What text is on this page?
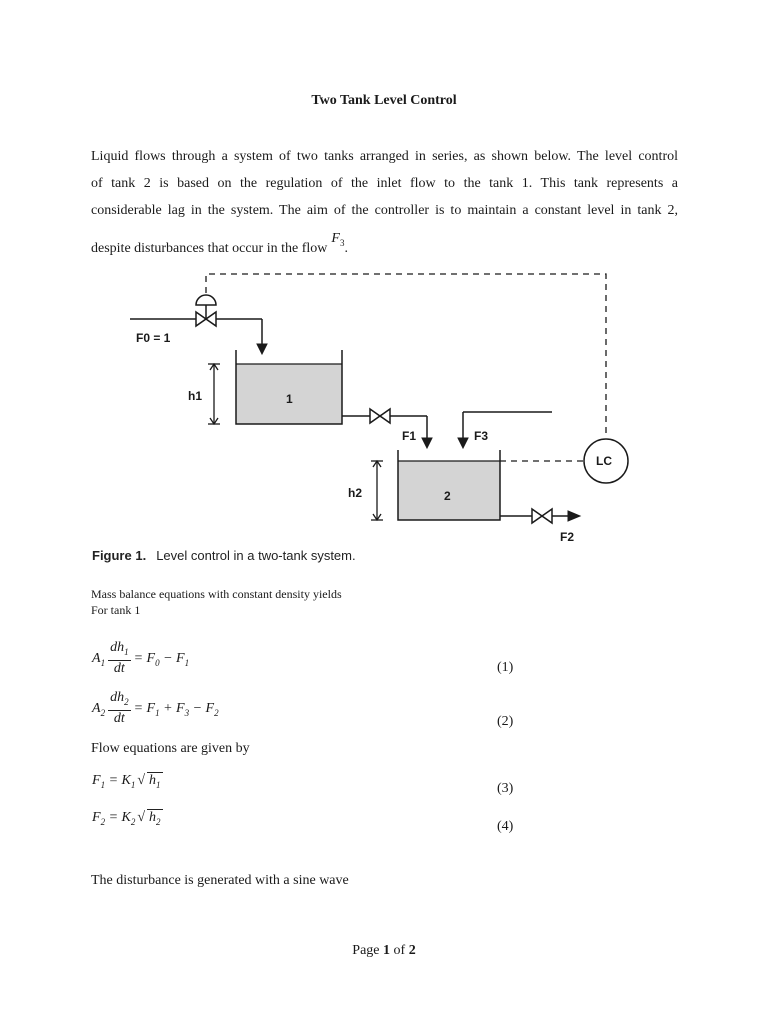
Two Tank Level Control
Liquid flows through a system of two tanks arranged in series, as shown below. The level control
of tank 2 is based on the regulation of the inlet flow to the tank 1. This tank represents a
considerable lag in the system. The aim of the controller is to maintain a constant level in tank 2,
despite disturbances that occur in the flowF$_3$.
F0 = 1
1
h1
F1	F3
2
h2
F2
LC
Figure 1. Level control in a two-tank system.
Mass balance equations with constant density yields
For tank 1
$A_1 \frac{dh_1}{dt} = F_0 - F_1$	(1)
$A_2 \frac{dh_2}{dt} = F_1 + F_3 - F_2$
(2)
Flow equations are given by
$F_1 = K_1$ √ $h_1$	(3)
$F_2 = K_2$ √ $h_2$	(4)
The disturbance is generated with a sine wave
Page 1 of 2
